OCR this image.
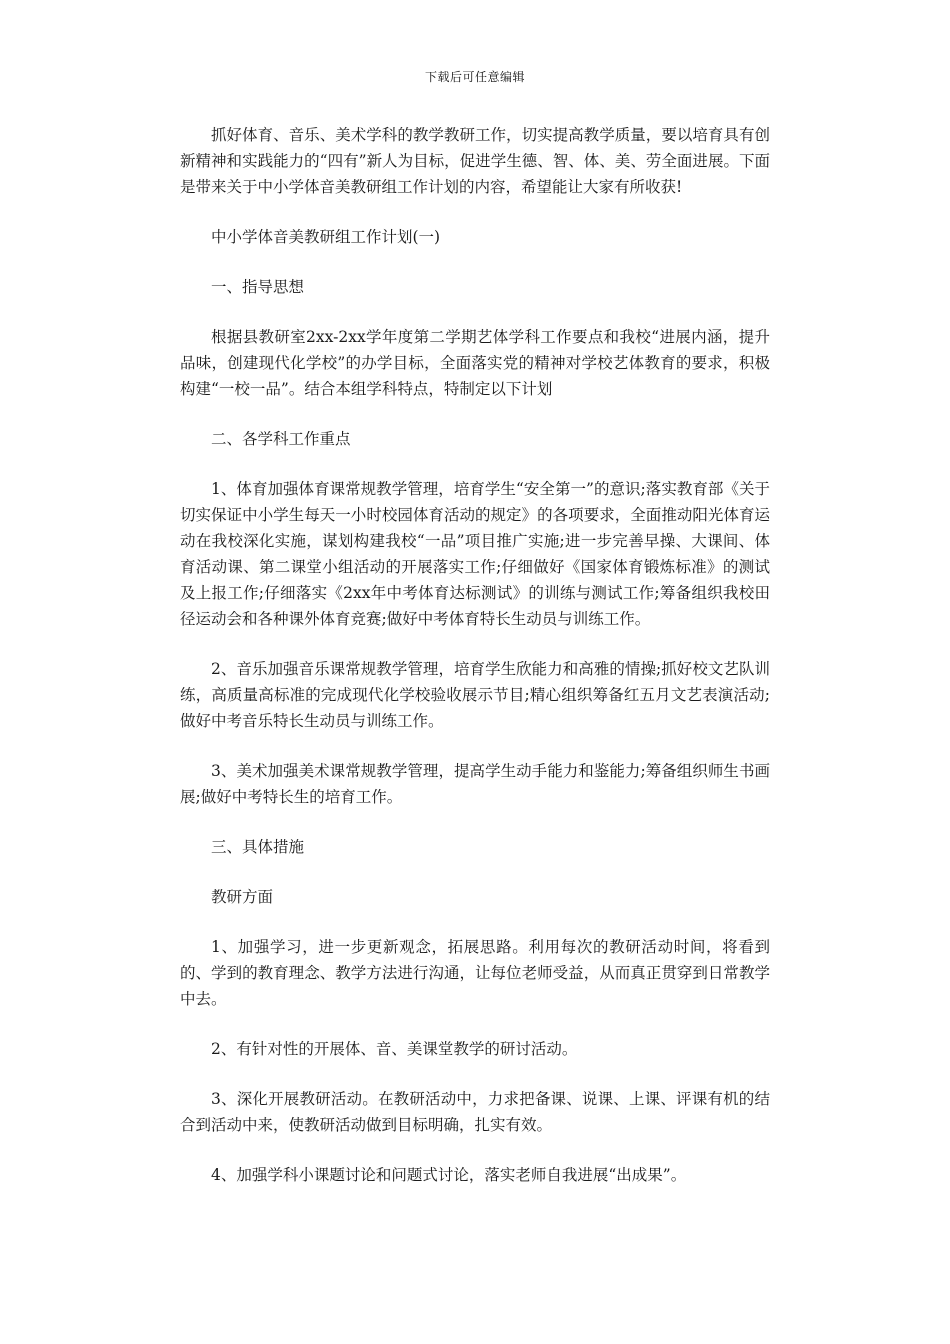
下载后可任意编辑

抓好体育、音乐、美术学科的教学教研工作，切实提高教学质量，要以培育具有创新精神和实践能力的“四有”新人为目标，促进学生德、智、体、美、劳全面进展。下面是带来关于中小学体音美教研组工作计划的内容，希望能让大家有所收获!

中小学体音美教研组工作计划(一)

一、指导思想

根据县教研室2xx-2xx学年度第二学期艺体学科工作要点和我校“进展内涵，提升品味，创建现代化学校”的办学目标，全面落实党的精神对学校艺体教育的要求，积极构建“一校一品”。结合本组学科特点，特制定以下计划

二、各学科工作重点

1、体育加强体育课常规教学管理，培育学生“安全第一”的意识;落实教育部《关于切实保证中小学生每天一小时校园体育活动的规定》的各项要求，全面推动阳光体育运动在我校深化实施，谋划构建我校“一品”项目推广实施;进一步完善早操、大课间、体育活动课、第二课堂小组活动的开展落实工作;仔细做好《国家体育锻炼标准》的测试及上报工作;仔细落实《2xx年中考体育达标测试》的训练与测试工作;筹备组织我校田径运动会和各种课外体育竞赛;做好中考体育特长生动员与训练工作。

2、音乐加强音乐课常规教学管理，培育学生欣能力和高雅的情操;抓好校文艺队训练，高质量高标准的完成现代化学校验收展示节目;精心组织筹备红五月文艺表演活动;做好中考音乐特长生动员与训练工作。

3、美术加强美术课常规教学管理，提高学生动手能力和鉴能力;筹备组织师生书画展;做好中考特长生的培育工作。

三、具体措施

教研方面

1、加强学习，进一步更新观念，拓展思路。利用每次的教研活动时间，将看到的、学到的教育理念、教学方法进行沟通，让每位老师受益，从而真正贯穿到日常教学中去。

2、有针对性的开展体、音、美课堂教学的研讨活动。

3、深化开展教研活动。在教研活动中，力求把备课、说课、上课、评课有机的结合到活动中来，使教研活动做到目标明确，扎实有效。

4、加强学科小课题讨论和问题式讨论，落实老师自我进展“出成果”。
